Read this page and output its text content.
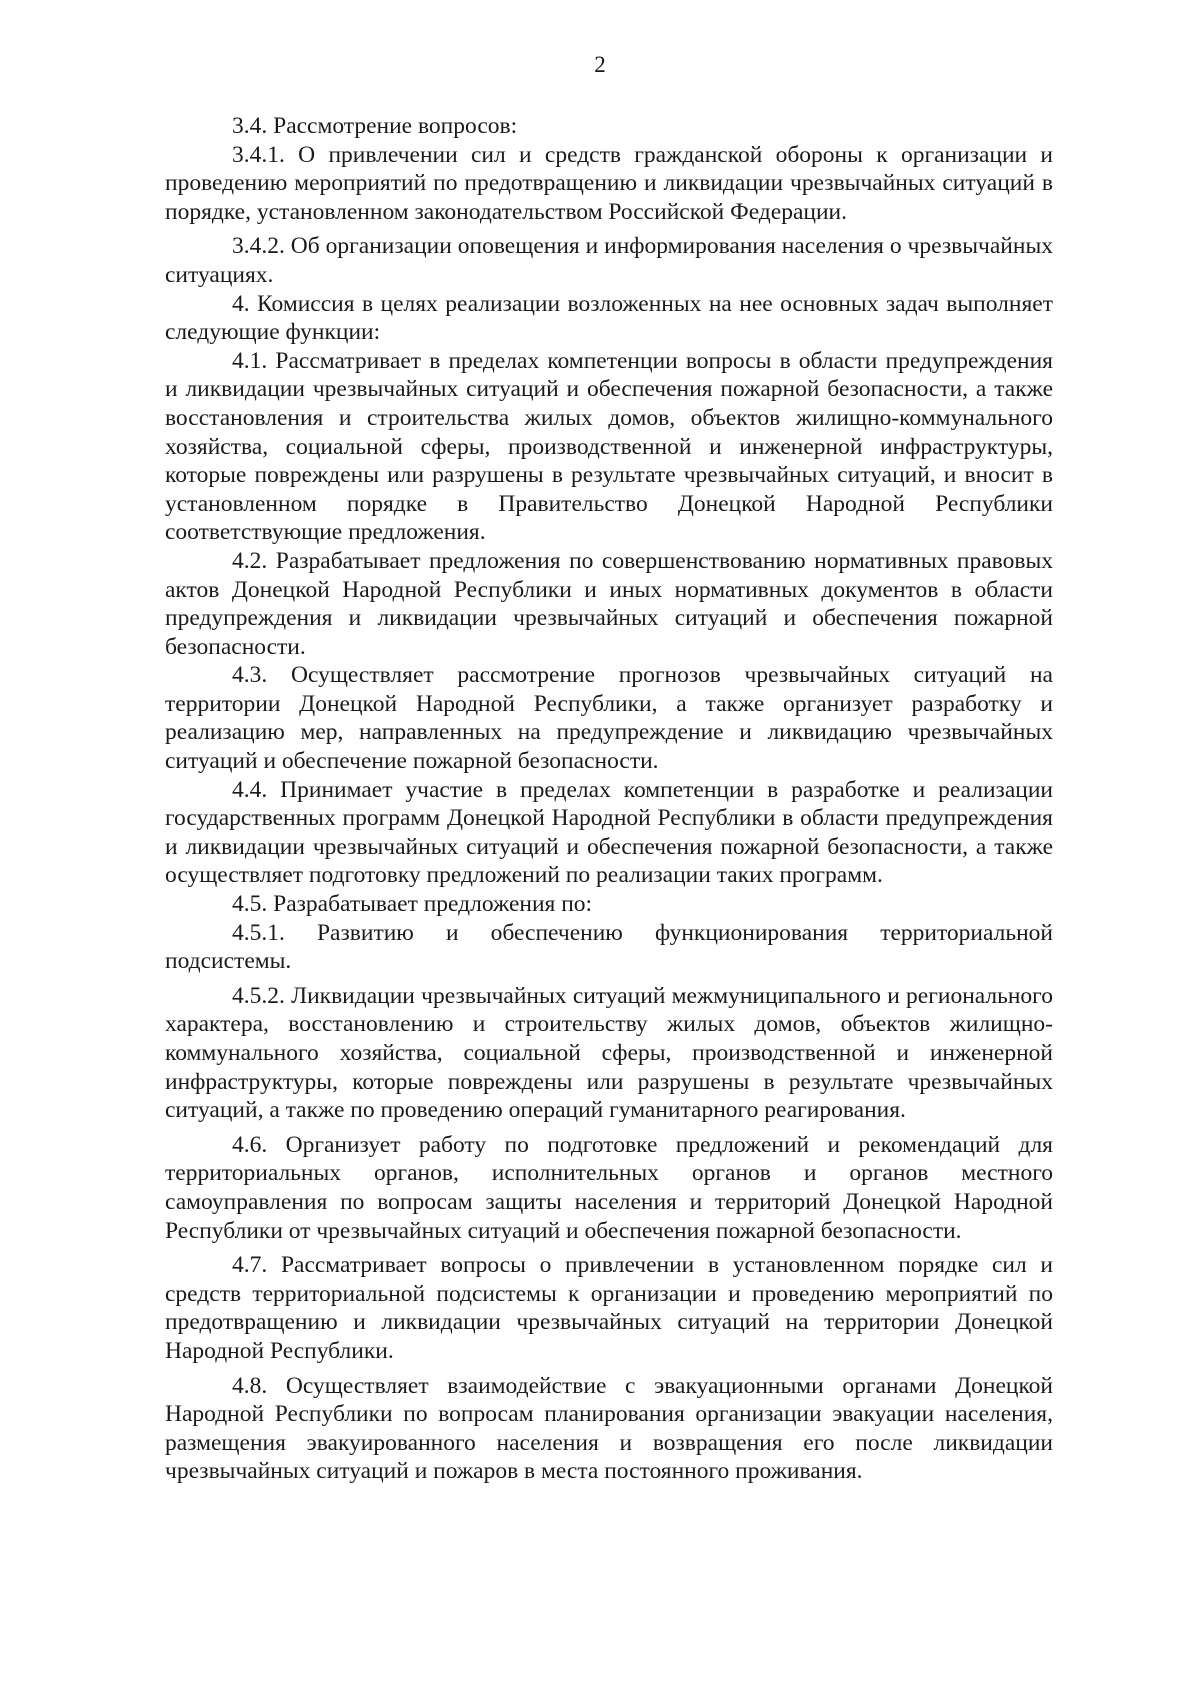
2

3.4. Рассмотрение вопросов:

3.4.1. О привлечении сил и средств гражданской обороны к организации и проведению мероприятий по предотвращению и ликвидации чрезвычайных ситуаций в порядке, установленном законодательством Российской Федерации.

3.4.2. Об организации оповещения и информирования населения о чрезвычайных ситуациях.

4. Комиссия в целях реализации возложенных на нее основных задач выполняет следующие функции:

4.1. Рассматривает в пределах компетенции вопросы в области предупреждения и ликвидации чрезвычайных ситуаций и обеспечения пожарной безопасности, а также восстановления и строительства жилых домов, объектов жилищно-коммунального хозяйства, социальной сферы, производственной и инженерной инфраструктуры, которые повреждены или разрушены в результате чрезвычайных ситуаций, и вносит в установленном порядке в Правительство Донецкой Народной Республики соответствующие предложения.

4.2. Разрабатывает предложения по совершенствованию нормативных правовых актов Донецкой Народной Республики и иных нормативных документов в области предупреждения и ликвидации чрезвычайных ситуаций и обеспечения пожарной безопасности.

4.3. Осуществляет рассмотрение прогнозов чрезвычайных ситуаций на территории Донецкой Народной Республики, а также организует разработку и реализацию мер, направленных на предупреждение и ликвидацию чрезвычайных ситуаций и обеспечение пожарной безопасности.

4.4. Принимает участие в пределах компетенции в разработке и реализации государственных программ Донецкой Народной Республики в области предупреждения и ликвидации чрезвычайных ситуаций и обеспечения пожарной безопасности, а также осуществляет подготовку предложений по реализации таких программ.

4.5. Разрабатывает предложения по:

4.5.1. Развитию и обеспечению функционирования территориальной подсистемы.

4.5.2. Ликвидации чрезвычайных ситуаций межмуниципального и регионального характера, восстановлению и строительству жилых домов, объектов жилищно-коммунального хозяйства, социальной сферы, производственной и инженерной инфраструктуры, которые повреждены или разрушены в результате чрезвычайных ситуаций, а также по проведению операций гуманитарного реагирования.

4.6. Организует работу по подготовке предложений и рекомендаций для территориальных органов, исполнительных органов и органов местного самоуправления по вопросам защиты населения и территорий Донецкой Народной Республики от чрезвычайных ситуаций и обеспечения пожарной безопасности.

4.7. Рассматривает вопросы о привлечении в установленном порядке сил и средств территориальной подсистемы к организации и проведению мероприятий по предотвращению и ликвидации чрезвычайных ситуаций на территории Донецкой Народной Республики.

4.8. Осуществляет взаимодействие с эвакуационными органами Донецкой Народной Республики по вопросам планирования организации эвакуации населения, размещения эвакуированного населения и возвращения его после ликвидации чрезвычайных ситуаций и пожаров в места постоянного проживания.
